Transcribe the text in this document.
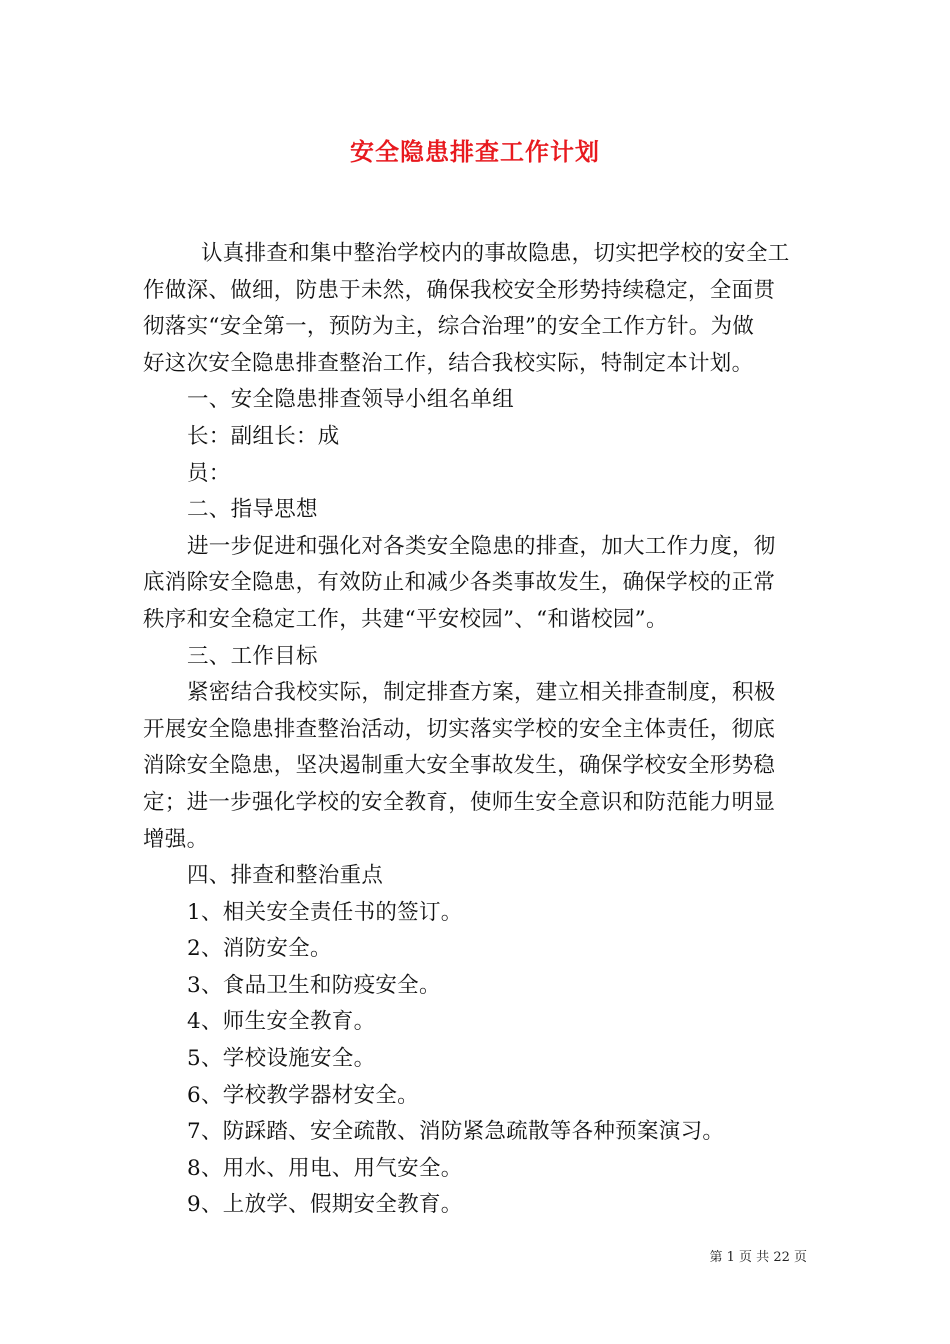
安全隐患排查工作计划
认真排查和集中整治学校内的事故隐患，切实把学校的安全工
作做深、做细，防患于未然，确保我校安全形势持续稳定，全面贯
彻落实“安全第一，预防为主，综合治理”的安全工作方针。为做
好这次安全隐患排查整治工作，结合我校实际，特制定本计划。
一、安全隐患排查领导小组名单组
长：副组长：成
员：
二、指导思想
进一步促进和强化对各类安全隐患的排查，加大工作力度，彻
底消除安全隐患，有效防止和减少各类事故发生，确保学校的正常
秩序和安全稳定工作，共建“平安校园”、“和谐校园”。
三、工作目标
紧密结合我校实际，制定排查方案，建立相关排查制度，积极
开展安全隐患排查整治活动，切实落实学校的安全主体责任，彻底
消除安全隐患，坚决遏制重大安全事故发生，确保学校安全形势稳
定；进一步强化学校的安全教育，使师生安全意识和防范能力明显
增强。
四、排查和整治重点
1、相关安全责任书的签订。
2、消防安全。
3、食品卫生和防疫安全。
4、师生安全教育。
5、学校设施安全。
6、学校教学器材安全。
7、防踩踏、安全疏散、消防紧急疏散等各种预案演习。
8、用水、用电、用气安全。
9、上放学、假期安全教育。
第 1 页 共 22 页
